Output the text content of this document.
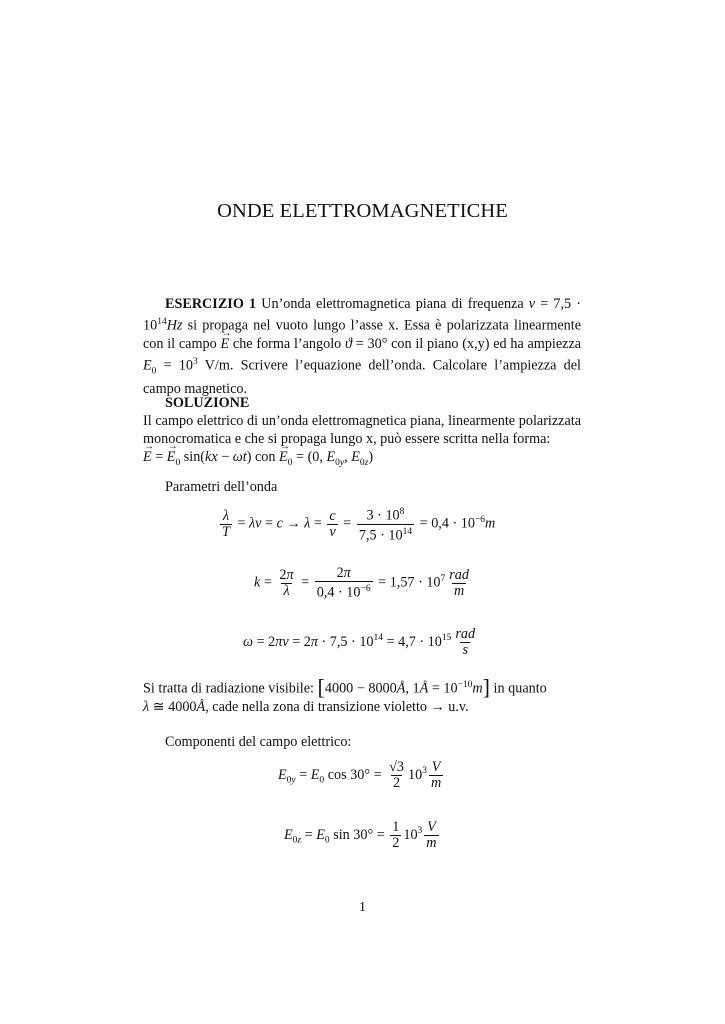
ONDE ELETTROMAGNETICHE
ESERCIZIO 1 Un’onda elettromagnetica piana di frequenza $\nu = 7,5 \cdot 10^{14}Hz$ si propaga nel vuoto lungo l’asse x. Essa è polarizzata linearmente con il campo → E che forma l’angolo ϑ = 30° con il piano (x,y) ed ha ampiezza $E_0 = 10^3$ V/m. Scrivere l’equazione dell’onda. Calcolare l’ampiezza del campo magnetico.
SOLUZIONE
Il campo elettrico di un’onda elettromagnetica piana, linearmente polarizzata monocromatica e che si propaga lungo x, può essere scritta nella forma:
→ E = → $E_0$ sin(kx − ωt) con → $E_0 = (0$, $E_{0y}$, $E_{0z}$)
Parametri dell’onda
$\frac{\lambda}{T} = \lambda\nu = c \to \lambda = \frac{c}{\nu} = \frac{3 \cdot 10^8}{7,5 \cdot 10^{14}} = 0,4 \cdot 10^{-6}m$
$k = \frac{2\pi}{\lambda} = \frac{2\pi}{0,4 \cdot 10^{-6}} = 1,57 \cdot 10^7 \frac{\text{rad}}{m}$
$\omega = 2\pi\nu = 2\pi \cdot 7,5 \cdot 10^{14} = 4,7 \cdot 10^{15} \frac{\text{rad}}{s}$
Si tratta di radiazione visibile: [4000 − 8000Å, 1Å = $10^{-10}m$] in quanto
λ ≅ 4000Å, cade nella zona di transizione violetto → u.v.
Componenti del campo elettrico:
$E_{0y} = E_0$ $\cos 30^\circ = \frac{√3}{2} 10^3 \frac{V}{m}$
$E_{0z} = E_0$ $\sin 30^\circ = \frac{1}{2} 10^3 \frac{V}{m}$
1
